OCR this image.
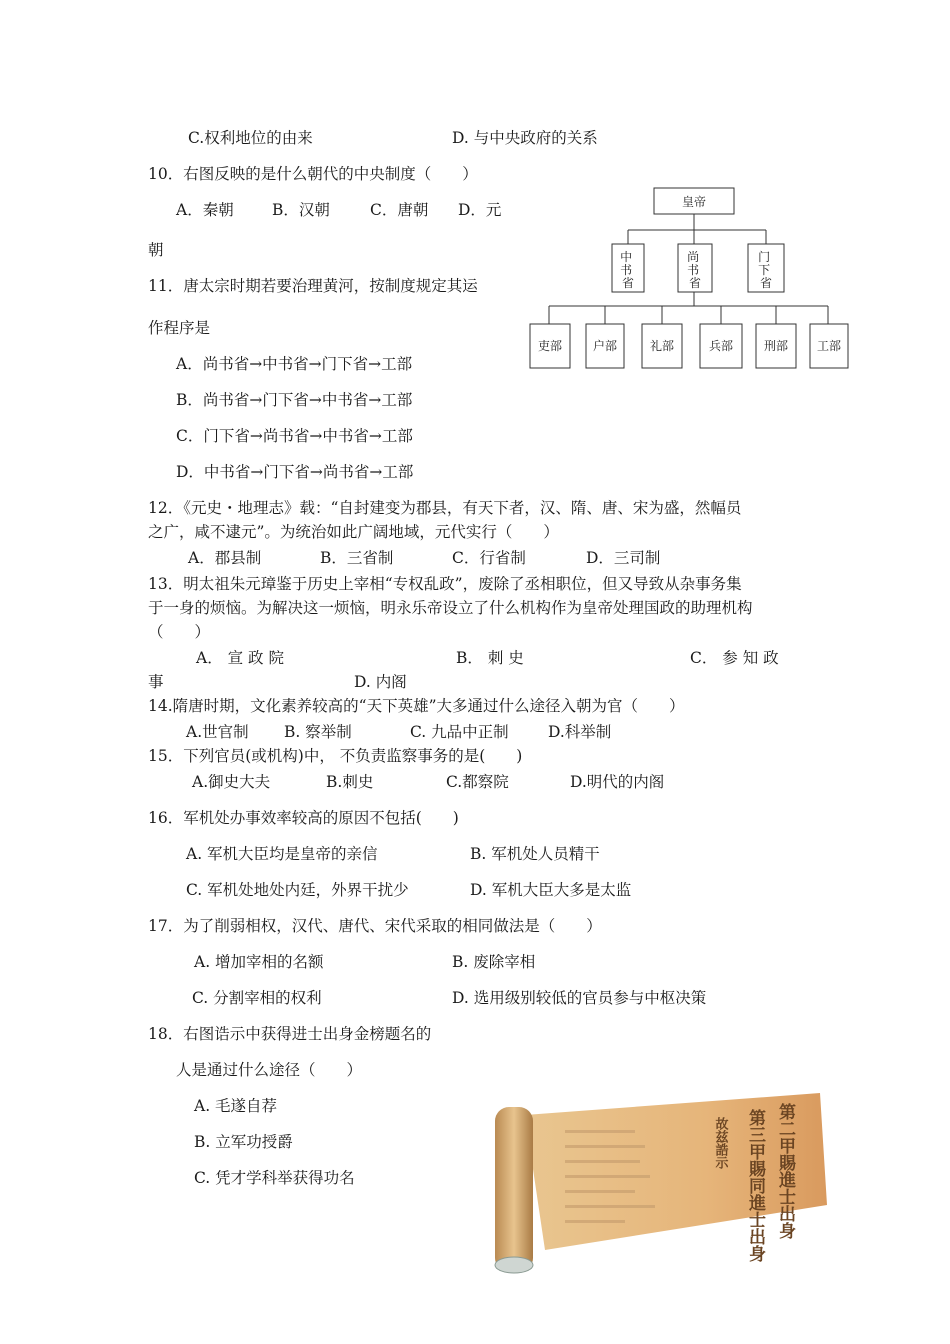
C.权利地位的由来	D. 与中央政府的关系
10．右图反映的是什么朝代的中央制度（　　）
A．秦朝 B．汉朝	C．唐朝 D．元
朝
皇帝
中 书 省
尚 书 省
门 下 省
吏部	户部	礼部	兵部	刑部 工部
11．唐太宗时期若要治理黄河，按制度规定其运
作程序是
A．尚书省→中书省→门下省→工部
B．尚书省→门下省→中书省→工部
C．门下省→尚书省→中书省→工部
D．中书省→门下省→尚书省→工部
12．《元史・地理志》载：“自封建变为郡县，有天下者，汉、隋、唐、宋为盛，然幅员
之广，咸不逮元”。为统治如此广阔地域，元代实行（　　）
A．郡县制	B．三省制	C．行省制	D．三司制
13．明太祖朱元璋鉴于历史上宰相“专权乱政”，废除了丞相职位，但又导致从杂事务集
于一身的烦恼。为解决这一烦恼，明永乐帝设立了什么机构作为皇帝处理国政的助理机构
（　　）
A． 宣 政 院	B． 刺 史	C． 参 知 政
事	D. 内阁
14.隋唐时期，文化素养较高的“天下英雄”大多通过什么途径入朝为官（　　）
A.世官制 B. 察举制	C. 九品中正制	D.科举制
15．下列官员(或机构)中， 不负责监察事务的是(　　)
A.御史大夫	B.刺史	C.都察院	D.明代的内阁
16．军机处办事效率较高的原因不包括(　　)
A. 军机大臣均是皇帝的亲信	B. 军机处人员精干
C. 军机处地处内廷，外界干扰少	D. 军机大臣大多是太监
17．为了削弱相权，汉代、唐代、宋代采取的相同做法是（　　）
A. 增加宰相的名额	B. 废除宰相
C. 分割宰相的权利	D. 选用级别较低的官员参与中枢决策
18．右图诰示中获得进士出身金榜题名的
人是通过什么途径（　　）
A. 毛遂自荐
B. 立军功授爵
C. 凭才学科举获得功名	第二甲賜進士出身
第三甲賜同進士出身
故兹誥示
